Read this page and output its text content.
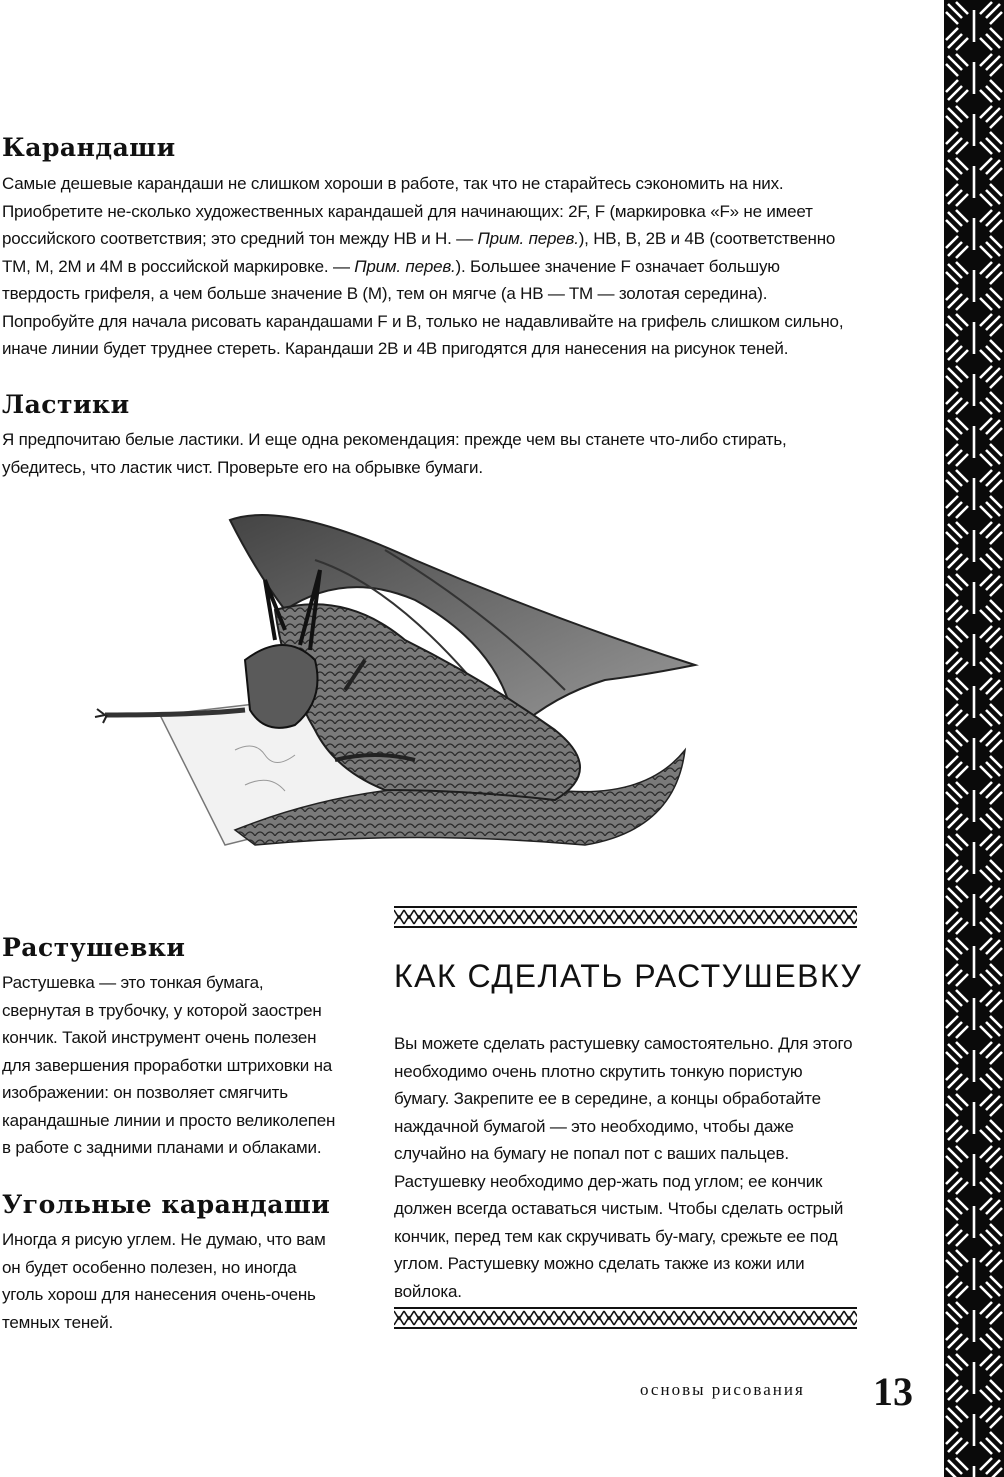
Карандаши

Самые дешевые карандаши не слишком хороши в работе, так что не старайтесь сэкономить на них. Приобретите не-сколько художественных карандашей для начинающих: 2F, F (маркировка «F» не имеет российского соответствия; это средний тон между HB и H. — Прим. перев.), HB, B, 2B и 4B (соответственно TM, M, 2M и 4M в российской маркировке. — Прим. перев.). Большее значение F означает большую твердость грифеля, а чем больше значение B (M), тем он мягче (а HB — TM — золотая середина). Попробуйте для начала рисовать карандашами F и B, только не надавливайте на грифель слишком сильно, иначе линии будет труднее стереть. Карандаши 2B и 4B пригодятся для нанесения на рисунок теней.

Ластики

Я предпочитаю белые ластики. И еще одна рекомендация: прежде чем вы станете что-либо стирать, убедитесь, что ластик чист. Проверьте его на обрывке бумаги.

Растушевки

Растушевка — это тонкая бумага, свернутая в трубочку, у которой заострен кончик. Такой инструмент очень полезен для завершения проработки штриховки на изображении: он позволяет смягчить карандашные линии и просто великолепен в работе с задними планами и облаками.

Угольные карандаши

Иногда я рисую углем. Не думаю, что вам он будет особенно полезен, но иногда уголь хорош для нанесения очень-очень темных теней.

КАК СДЕЛАТЬ РАСТУШЕВКУ

Вы можете сделать растушевку самостоятельно. Для этого необходимо очень плотно скрутить тонкую пористую бумагу. Закрепите ее в середине, а концы обработайте наждачной бумагой — это необходимо, чтобы даже случайно на бумагу не попал пот с ваших пальцев. Растушевку необходимо дер-жать под углом; ее кончик должен всегда оставаться чистым. Чтобы сделать острый кончик, перед тем как скручивать бу-магу, срежьте ее под углом. Растушевку можно сделать также из кожи или войлока.

основы рисования 13
